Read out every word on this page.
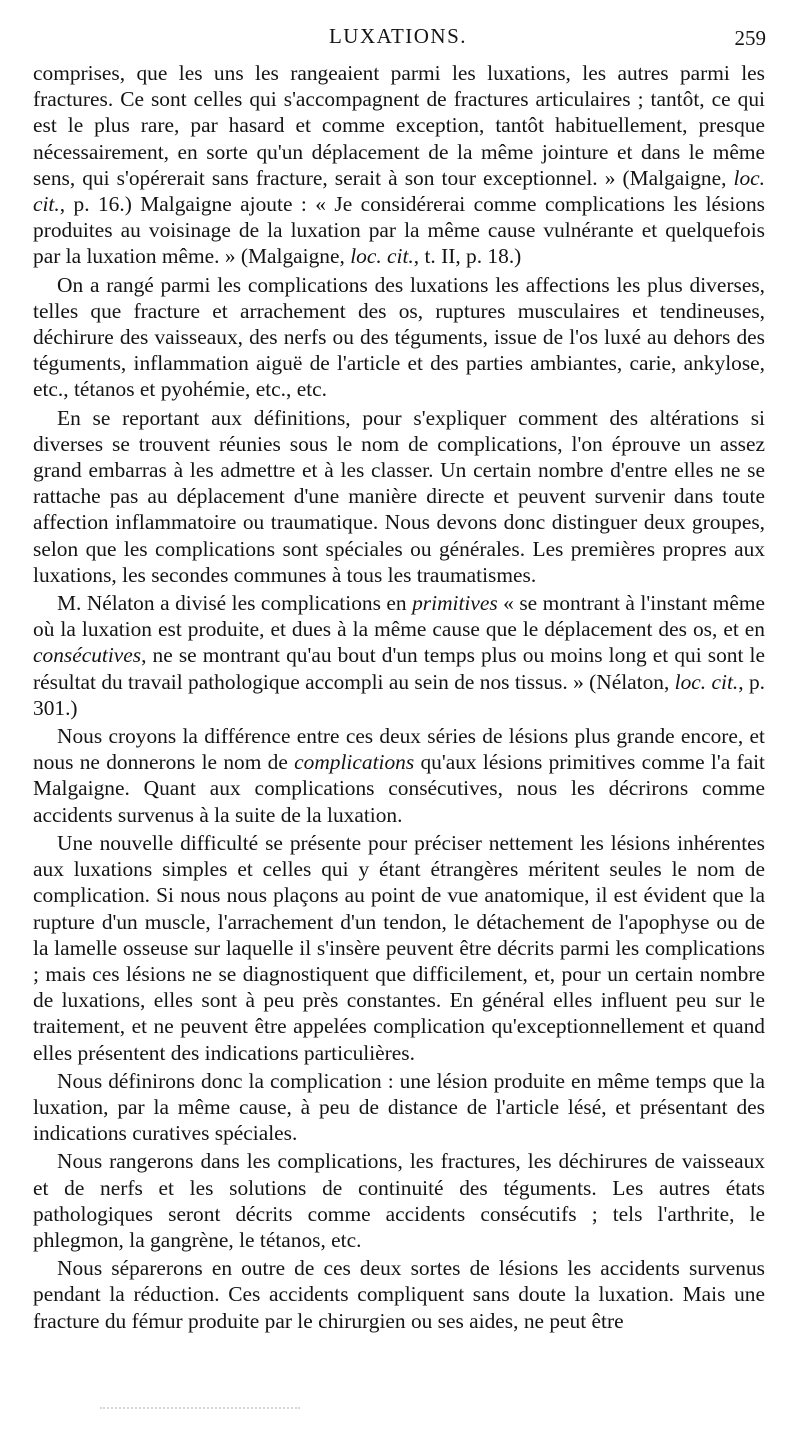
LUXATIONS.	259

comprises, que les uns les rangeaient parmi les luxations, les autres parmi les fractures. Ce sont celles qui s'accompagnent de fractures articulaires ; tantôt, ce qui est le plus rare, par hasard et comme exception, tantôt habituellement, presque nécessairement, en sorte qu'un déplacement de la même jointure et dans le même sens, qui s'opérerait sans fracture, serait à son tour exceptionnel. » (Malgaigne, loc. cit., p. 16.) Malgaigne ajoute : « Je considérerai comme complications les lésions produites au voisinage de la luxation par la même cause vulnérante et quelquefois par la luxation même. » (Malgaigne, loc. cit., t. II, p. 18.)

On a rangé parmi les complications des luxations les affections les plus diverses, telles que fracture et arrachement des os, ruptures musculaires et tendineuses, déchirure des vaisseaux, des nerfs ou des téguments, issue de l'os luxé au dehors des téguments, inflammation aiguë de l'article et des parties ambiantes, carie, ankylose, etc., tétanos et pyohémie, etc., etc.

En se reportant aux définitions, pour s'expliquer comment des altérations si diverses se trouvent réunies sous le nom de complications, l'on éprouve un assez grand embarras à les admettre et à les classer. Un certain nombre d'entre elles ne se rattache pas au déplacement d'une manière directe et peuvent survenir dans toute affection inflammatoire ou traumatique. Nous devons donc distinguer deux groupes, selon que les complications sont spéciales ou générales. Les premières propres aux luxations, les secondes communes à tous les traumatismes.

M. Nélaton a divisé les complications en primitives « se montrant à l'instant même où la luxation est produite, et dues à la même cause que le déplacement des os, et en consécutives, ne se montrant qu'au bout d'un temps plus ou moins long et qui sont le résultat du travail pathologique accompli au sein de nos tissus. » (Nélaton, loc. cit., p. 301.)

Nous croyons la différence entre ces deux séries de lésions plus grande encore, et nous ne donnerons le nom de complications qu'aux lésions primitives comme l'a fait Malgaigne. Quant aux complications consécutives, nous les décrirons comme accidents survenus à la suite de la luxation.

Une nouvelle difficulté se présente pour préciser nettement les lésions inhérentes aux luxations simples et celles qui y étant étrangères méritent seules le nom de complication. Si nous nous plaçons au point de vue anatomique, il est évident que la rupture d'un muscle, l'arrachement d'un tendon, le détachement de l'apophyse ou de la lamelle osseuse sur laquelle il s'insère peuvent être décrits parmi les complications ; mais ces lésions ne se diagnostiquent que difficilement, et, pour un certain nombre de luxations, elles sont à peu près constantes. En général elles influent peu sur le traitement, et ne peuvent être appelées complication qu'exceptionnellement et quand elles présentent des indications particulières.

Nous définirons donc la complication : une lésion produite en même temps que la luxation, par la même cause, à peu de distance de l'article lésé, et présentant des indications curatives spéciales.

Nous rangerons dans les complications, les fractures, les déchirures de vaisseaux et de nerfs et les solutions de continuité des téguments. Les autres états pathologiques seront décrits comme accidents consécutifs ; tels l'arthrite, le phlegmon, la gangrène, le tétanos, etc.

Nous séparerons en outre de ces deux sortes de lésions les accidents survenus pendant la réduction. Ces accidents compliquent sans doute la luxation. Mais une fracture du fémur produite par le chirurgien ou ses aides, ne peut être
